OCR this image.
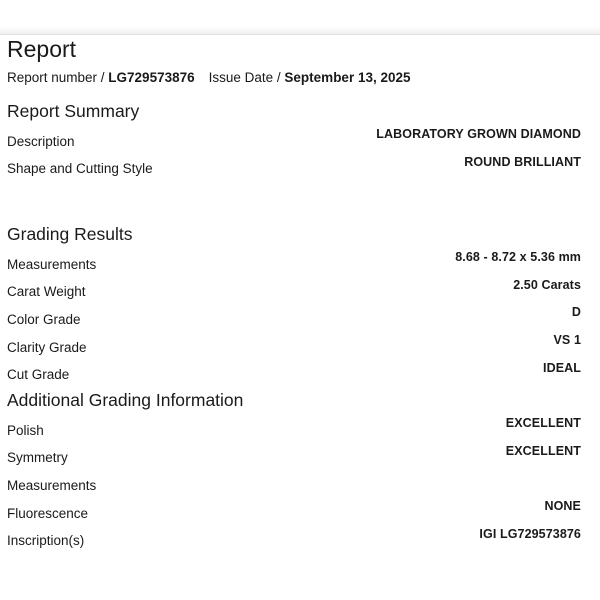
Report
Report number / LG729573876 Issue Date / September 13, 2025
Report Summary
Description	LABORATORY GROWN DIAMOND
Shape and Cutting Style	ROUND BRILLIANT
Grading Results
Measurements	8.68 - 8.72 x 5.36 mm
Carat Weight	2.50 Carats
Color Grade	D
Clarity Grade	VS 1
Cut Grade	IDEAL
Additional Grading Information
Polish	EXCELLENT
Symmetry	EXCELLENT
Measurements
Fluorescence	NONE
Inscription(s)	IGI LG729573876
